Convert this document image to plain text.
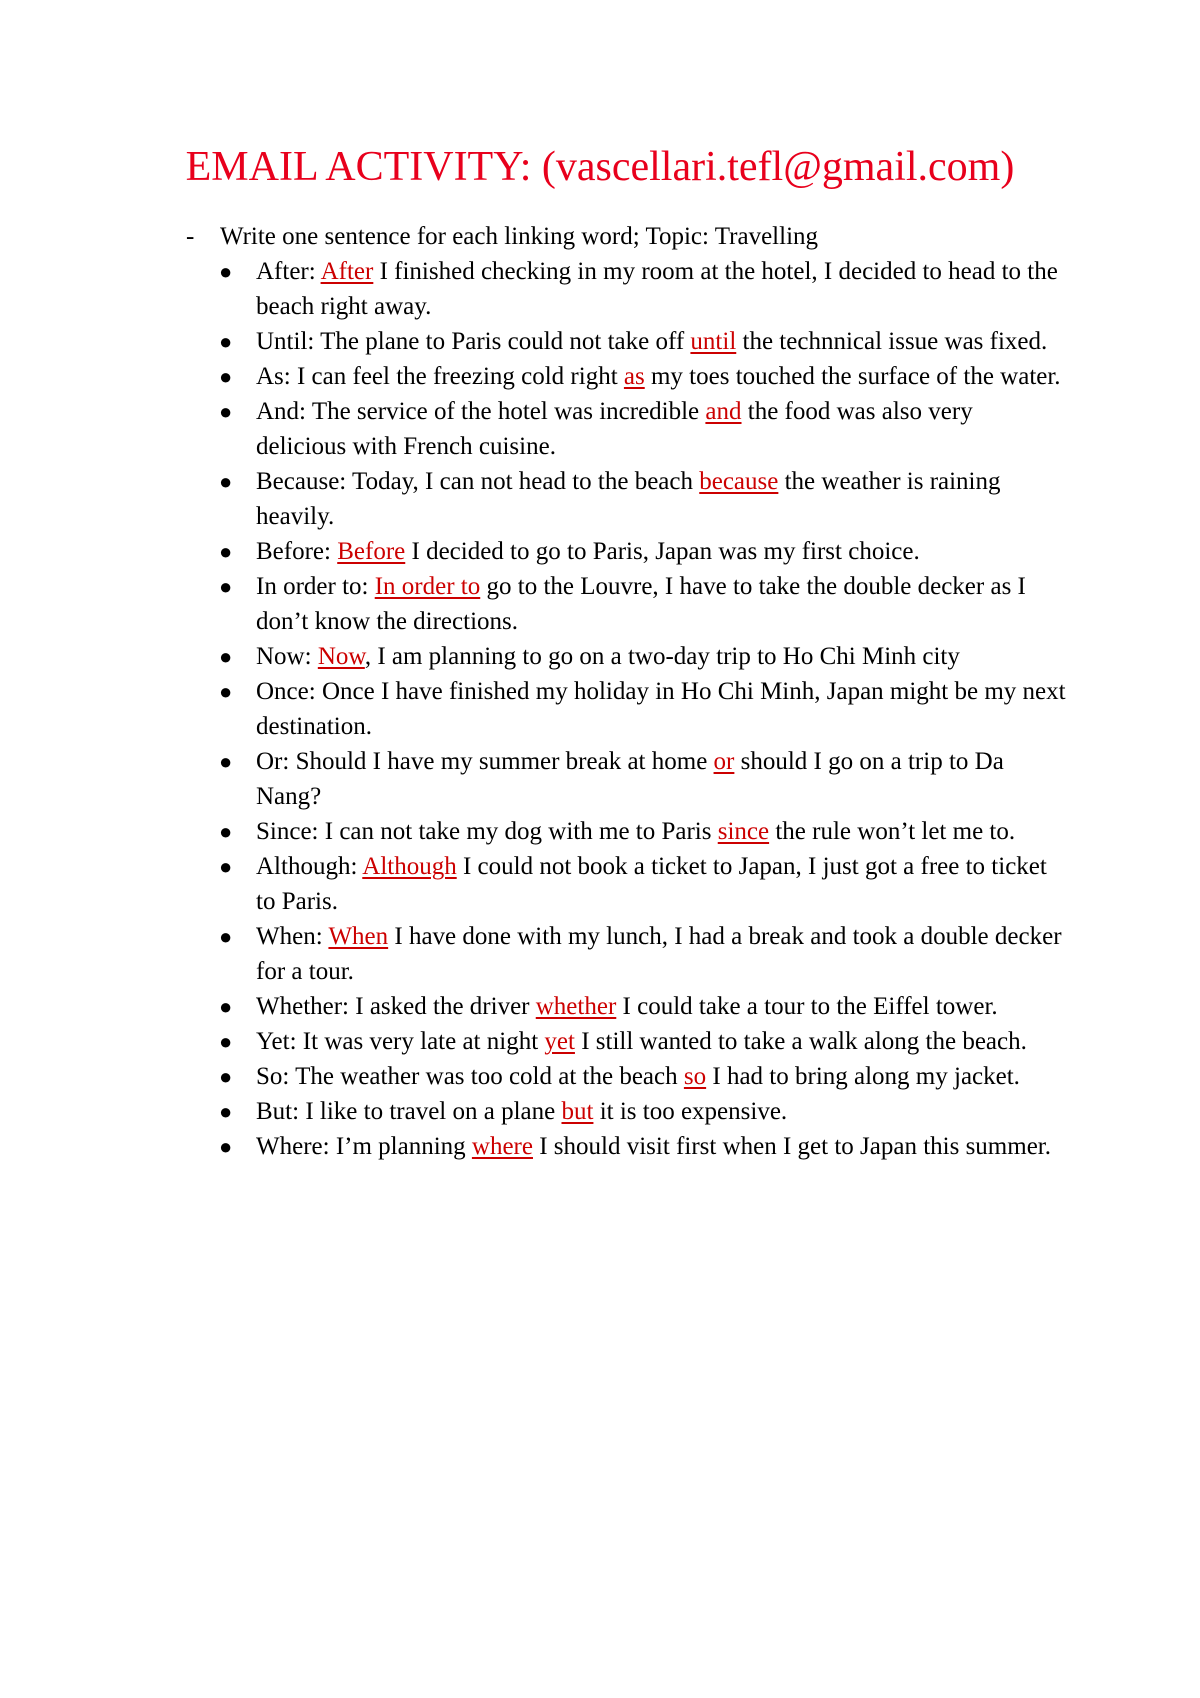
EMAIL ACTIVITY: (vascellari.tefl@gmail.com)
- Write one sentence for each linking word; Topic: Travelling
● After: After I finished checking in my room at the hotel, I decided to head to the beach right away.
● Until: The plane to Paris could not take off until the technnical issue was fixed.
● As: I can feel the freezing cold right as my toes touched the surface of the water.
● And: The service of the hotel was incredible and the food was also very delicious with French cuisine.
● Because: Today, I can not head to the beach because the weather is raining heavily.
● Before: Before I decided to go to Paris, Japan was my first choice.
● In order to: In order to go to the Louvre, I have to take the double decker as I don’t know the directions.
● Now: Now, I am planning to go on a two-day trip to Ho Chi Minh city
● Once: Once I have finished my holiday in Ho Chi Minh, Japan might be my next destination.
● Or: Should I have my summer break at home or should I go on a trip to Da Nang?
● Since: I can not take my dog with me to Paris since the rule won’t let me to.
● Although: Although I could not book a ticket to Japan, I just got a free to ticket to Paris.
● When: When I have done with my lunch, I had a break and took a double decker for a tour.
● Whether: I asked the driver whether I could take a tour to the Eiffel tower.
● Yet: It was very late at night yet I still wanted to take a walk along the beach.
● So: The weather was too cold at the beach so I had to bring along my jacket.
● But: I like to travel on a plane but it is too expensive.
● Where: I’m planning where I should visit first when I get to Japan this summer.
